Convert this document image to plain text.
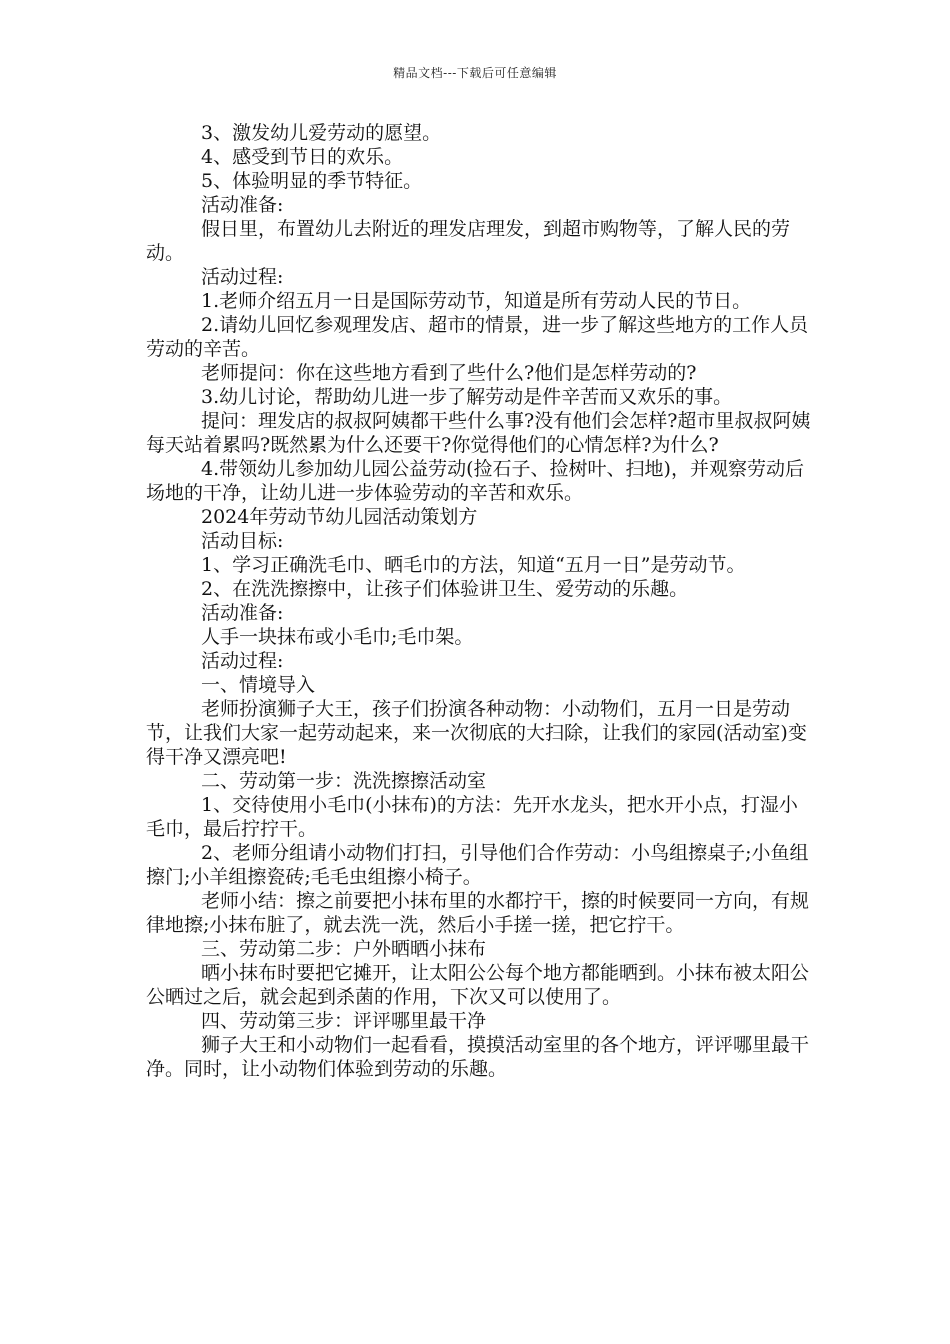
精品文档---下载后可任意编辑

3、激发幼儿爱劳动的愿望。

4、感受到节日的欢乐。

5、体验明显的季节特征。

活动准备:

假日里，布置幼儿去附近的理发店理发，到超市购物等，了解人民的劳动。

活动过程:

1.老师介绍五月一日是国际劳动节，知道是所有劳动人民的节日。

2.请幼儿回忆参观理发店、超市的情景，进一步了解这些地方的工作人员劳动的辛苦。

老师提问：你在这些地方看到了些什么?他们是怎样劳动的?

3.幼儿讨论，帮助幼儿进一步了解劳动是件辛苦而又欢乐的事。

提问：理发店的叔叔阿姨都干些什么事?没有他们会怎样?超市里叔叔阿姨每天站着累吗?既然累为什么还要干?你觉得他们的心情怎样?为什么?

4.带领幼儿参加幼儿园公益劳动(捡石子、捡树叶、扫地)，并观察劳动后场地的干净，让幼儿进一步体验劳动的辛苦和欢乐。

2024年劳动节幼儿园活动策划方

活动目标:

1、学习正确洗毛巾、晒毛巾的方法，知道“五月一日”是劳动节。

2、在洗洗擦擦中，让孩子们体验讲卫生、爱劳动的乐趣。

活动准备:

人手一块抹布或小毛巾;毛巾架。

活动过程:

一、情境导入

老师扮演狮子大王，孩子们扮演各种动物：小动物们，五月一日是劳动节，让我们大家一起劳动起来，来一次彻底的大扫除，让我们的家园(活动室)变得干净又漂亮吧!

二、劳动第一步：洗洗擦擦活动室

1、交待使用小毛巾(小抹布)的方法：先开水龙头，把水开小点，打湿小毛巾，最后拧拧干。

2、老师分组请小动物们打扫，引导他们合作劳动：小鸟组擦桌子;小鱼组擦门;小羊组擦瓷砖;毛毛虫组擦小椅子。

老师小结：擦之前要把小抹布里的水都拧干，擦的时候要同一方向，有规律地擦;小抹布脏了，就去洗一洗，然后小手搓一搓，把它拧干。

三、劳动第二步：户外晒晒小抹布

晒小抹布时要把它摊开，让太阳公公每个地方都能晒到。小抹布被太阳公公晒过之后，就会起到杀菌的作用，下次又可以使用了。

四、劳动第三步：评评哪里最干净

狮子大王和小动物们一起看看，摸摸活动室里的各个地方，评评哪里最干净。同时，让小动物们体验到劳动的乐趣。
